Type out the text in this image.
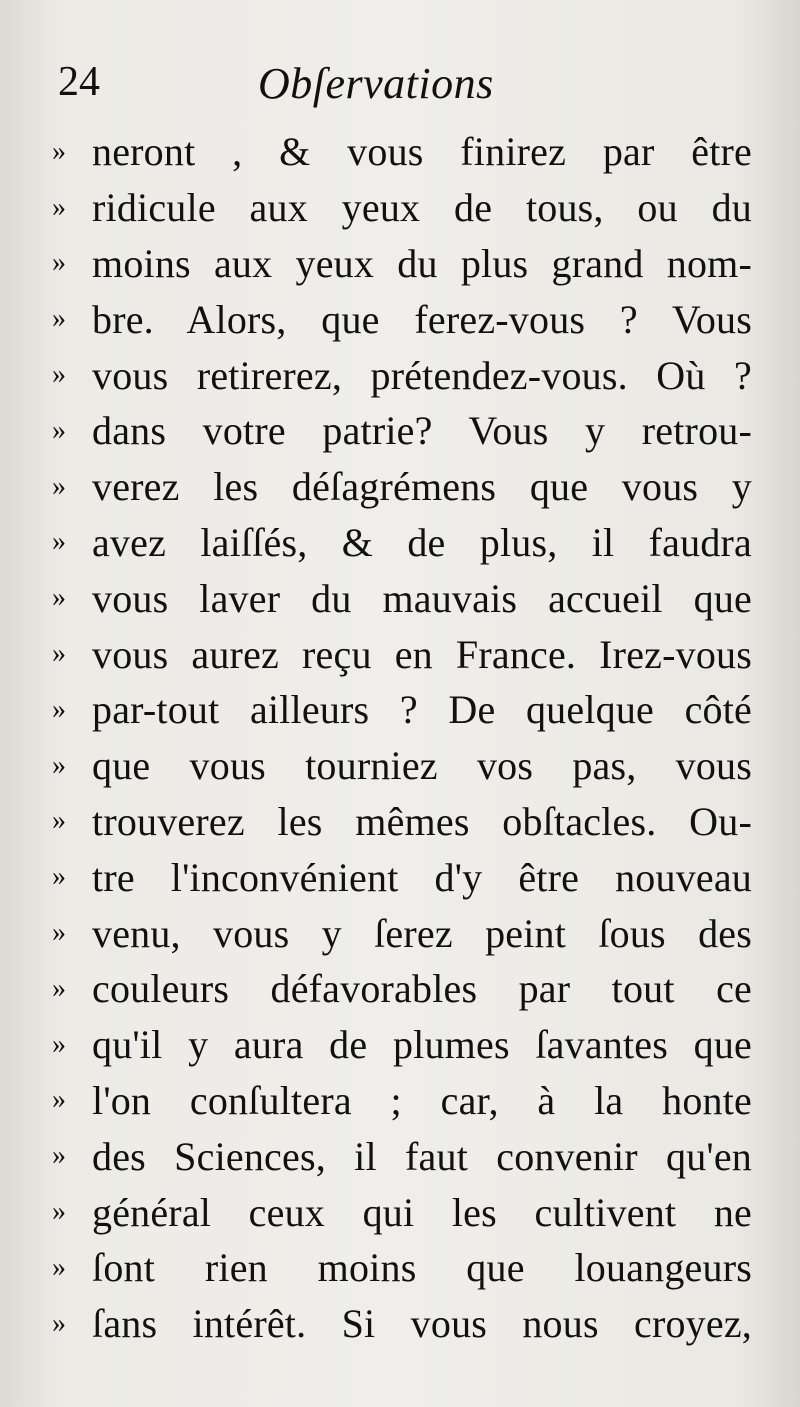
24	Obſervations
» neront , & vous finirez par être
» ridicule aux yeux de tous, ou du
» moins aux yeux du plus grand nom-
» bre. Alors, que ferez-vous ? Vous
» vous retirerez, prétendez-vous. Où ?
» dans votre patrie? Vous y retrou-
» verez les déſagrémens que vous y
» avez laiſſés, & de plus, il faudra
» vous laver du mauvais accueil que
» vous aurez reçu en France. Irez-vous
» par-tout ailleurs ? De quelque côté
» que vous tourniez vos pas, vous
» trouverez les mêmes obſtacles. Ou-
» tre l'inconvénient d'y être nouveau
» venu, vous y ſerez peint ſous des
» couleurs défavorables par tout ce
» qu'il y aura de plumes ſavantes que
» l'on conſultera ; car, à la honte
» des Sciences, il faut convenir qu'en
» général ceux qui les cultivent ne
» ſont rien moins que louangeurs
» ſans intérêt. Si vous nous croyez,
